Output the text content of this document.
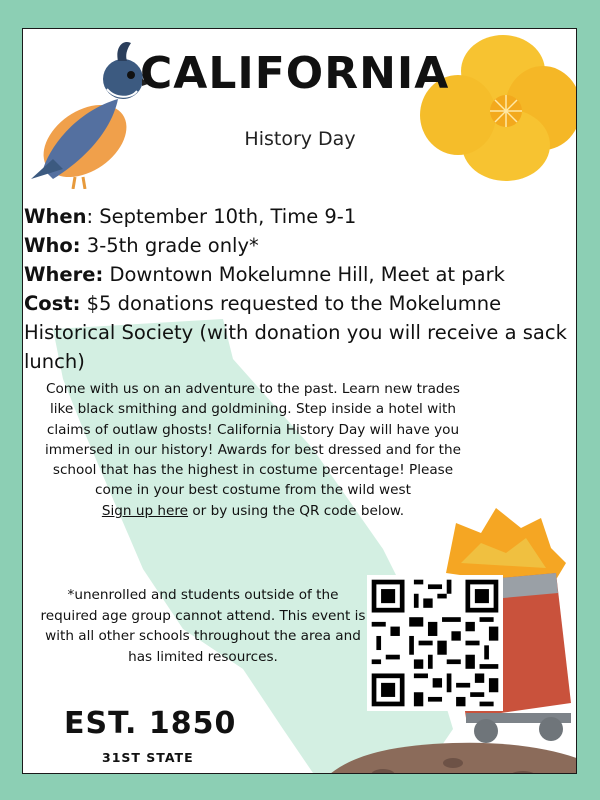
CALIFORNIA
History Day
When: September 10th, Time 9-1
Who: 3-5th grade only*
Where: Downtown Mokelumne Hill, Meet at park
Cost: $5 donations requested to the Mokelumne Historical Society (with donation you will receive a sack lunch)
Come with us on an adventure to the past. Learn new trades like black smithing and goldmining. Step inside a hotel with claims of outlaw ghosts! California History Day will have you immersed in our history! Awards for best dressed and for the school that has the highest in costume percentage! Please come in your best costume from the wild west
Sign up here or by using the QR code below.
*unenrolled and students outside of the required age group cannot attend. This event is with all other schools throughout the area and has limited resources.
EST. 1850
31ST STATE
